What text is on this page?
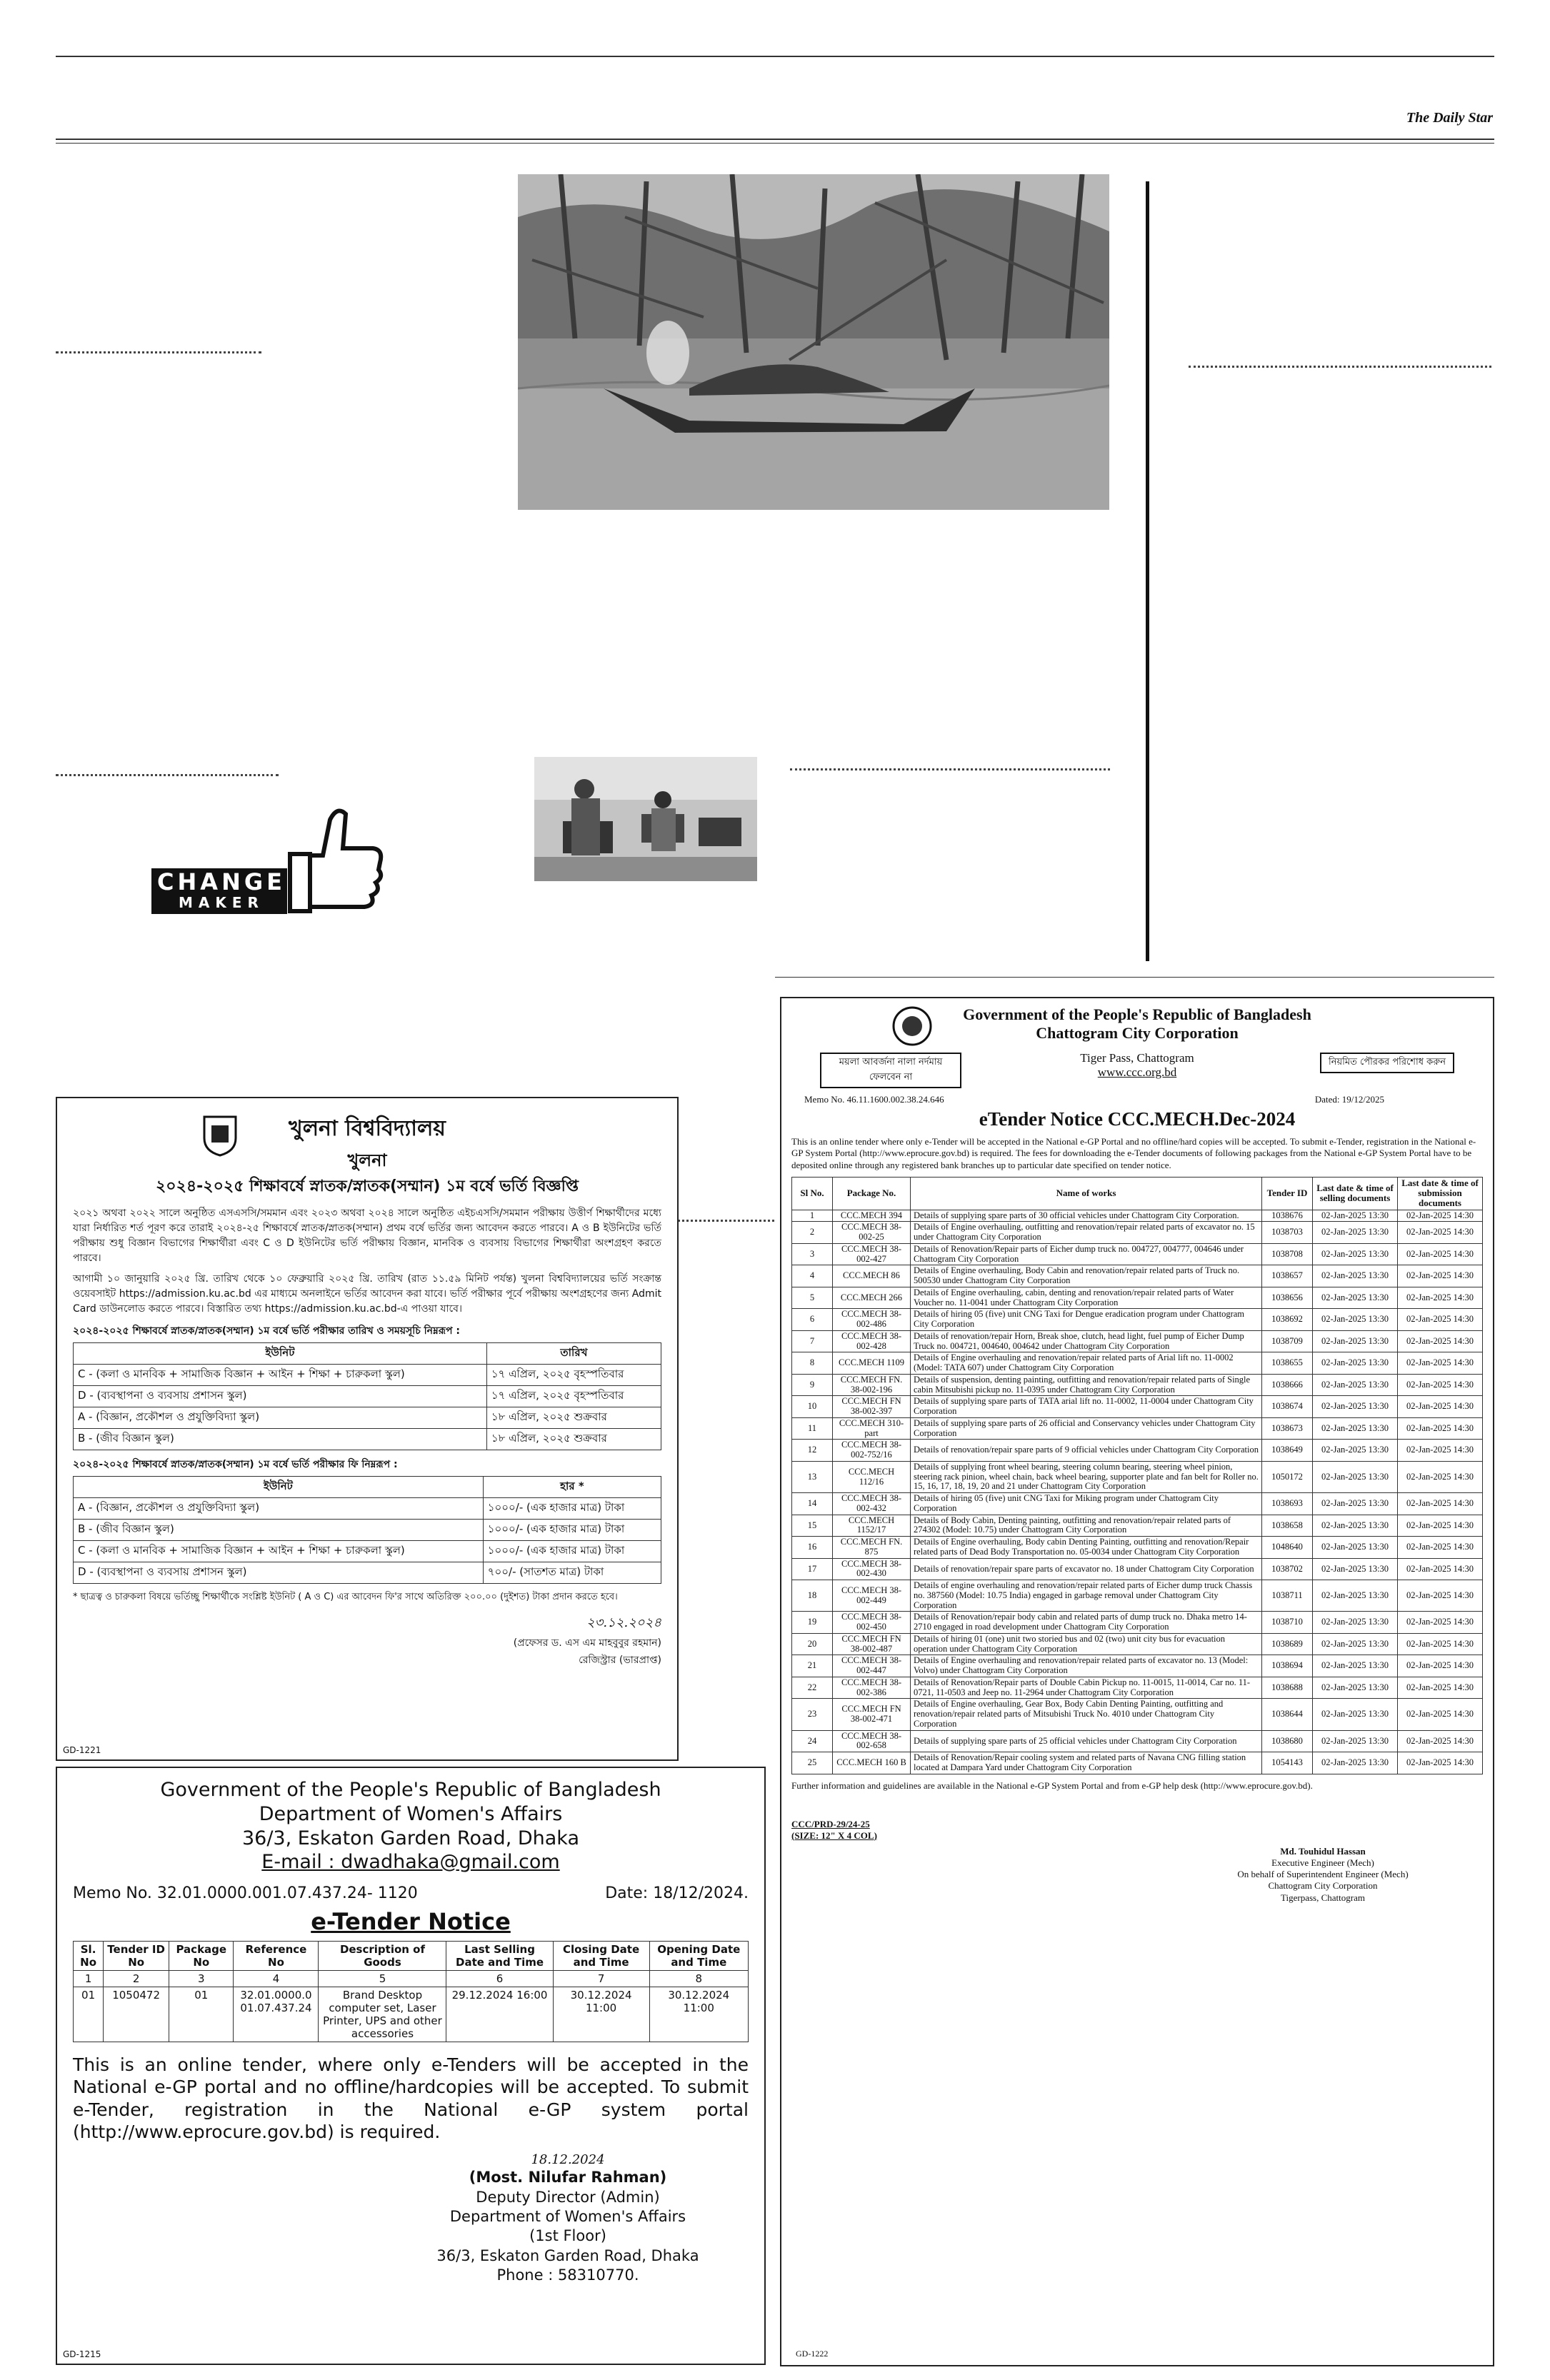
The Daily Star
CHANGE
MAKER
খুলনা বিশ্ববিদ্যালয়
খুলনা
২০২৪-২০২৫ শিক্ষাবর্ষে স্নাতক/স্নাতক(সম্মান) ১ম বর্ষে ভর্তি বিজ্ঞপ্তি
২০২১ অথবা ২০২২ সালে অনুষ্ঠিত এসএসসি/সমমান এবং ২০২৩ অথবা ২০২৪ সালে অনুষ্ঠিত এইচএসসি/সমমান পরীক্ষায় উত্তীর্ণ শিক্ষার্থীদের মধ্যে যারা নির্ধারিত শর্ত পূরণ করে তারাই ২০২৪-২৫ শিক্ষাবর্ষে স্নাতক/স্নাতক(সম্মান) প্রথম বর্ষে ভর্তির জন্য আবেদন করতে পারবে। A ও B ইউনিটের ভর্তি পরীক্ষায় শুধু বিজ্ঞান বিভাগের শিক্ষার্থীরা এবং C ও D ইউনিটের ভর্তি পরীক্ষায় বিজ্ঞান, মানবিক ও ব্যবসায় বিভাগের শিক্ষার্থীরা অংশগ্রহণ করতে পারবে।
আগামী ১০ জানুয়ারি ২০২৫ খ্রি. তারিখ থেকে ১০ ফেব্রুয়ারি ২০২৫ খ্রি. তারিখ (রাত ১১.৫৯ মিনিট পর্যন্ত) খুলনা বিশ্ববিদ্যালয়ের ভর্তি সংক্রান্ত ওয়েবসাইট https://admission.ku.ac.bd এর মাধ্যমে অনলাইনে ভর্তির আবেদন করা যাবে। ভর্তি পরীক্ষার পূর্বে পরীক্ষায় অংশগ্রহণের জন্য Admit Card ডাউনলোড করতে পারবে। বিস্তারিত তথ্য https://admission.ku.ac.bd-এ পাওয়া যাবে।
২০২৪-২০২৫ শিক্ষাবর্ষে স্নাতক/স্নাতক(সম্মান) ১ম বর্ষে ভর্তি পরীক্ষার তারিখ ও সময়সূচি নিম্নরূপ :
ইউনিট	তারিখ
C - (কলা ও মানবিক + সামাজিক বিজ্ঞান + আইন + শিক্ষা + চারুকলা স্কুল)	১৭ এপ্রিল, ২০২৫ বৃহস্পতিবার
D - (ব্যবস্থাপনা ও ব্যবসায় প্রশাসন স্কুল)	১৭ এপ্রিল, ২০২৫ বৃহস্পতিবার
A - (বিজ্ঞান, প্রকৌশল ও প্রযুক্তিবিদ্যা স্কুল)	১৮ এপ্রিল, ২০২৫ শুক্রবার
B - (জীব বিজ্ঞান স্কুল)	১৮ এপ্রিল, ২০২৫ শুক্রবার
২০২৪-২০২৫ শিক্ষাবর্ষে স্নাতক/স্নাতক(সম্মান) ১ম বর্ষে ভর্তি পরীক্ষার ফি নিম্নরূপ :
ইউনিট	হার *
A - (বিজ্ঞান, প্রকৌশল ও প্রযুক্তিবিদ্যা স্কুল)	১০০০/- (এক হাজার মাত্র) টাকা
B - (জীব বিজ্ঞান স্কুল)	১০০০/- (এক হাজার মাত্র) টাকা
C - (কলা ও মানবিক + সামাজিক বিজ্ঞান + আইন + শিক্ষা + চারুকলা স্কুল)	১০০০/- (এক হাজার মাত্র) টাকা
D - (ব্যবস্থাপনা ও ব্যবসায় প্রশাসন স্কুল)	৭০০/- (সাতশত মাত্র) টাকা
* ছাত্রত্ব ও চারুকলা বিষয়ে ভর্তিচ্ছু শিক্ষার্থীকে সংশ্লিষ্ট ইউনিট ( A ও C) এর আবেদন ফি'র সাথে অতিরিক্ত ২০০.০০ (দুইশত) টাকা প্রদান করতে হবে।
২৩.১২.২০২৪
(প্রফেসর ড. এস এম মাহবুবুর রহমান)
রেজিস্ট্রার (ভারপ্রাপ্ত)
GD-1221
Government of the People's Republic of Bangladesh
Department of Women's Affairs
36/3, Eskaton Garden Road, Dhaka
E-mail : dwadhaka@gmail.com
Memo No. 32.01.0000.001.07.437.24- 1120	Date: 18/12/2024.
e-Tender Notice
Sl. No	Tender ID No	Package No	Reference No	Description of Goods	Last Selling Date and Time	Closing Date and Time	Opening Date and Time
1	2	3	4	5	6	7	8
01	1050472	01	32.01.0000.0 01.07.437.24	Brand Desktop computer set, Laser Printer, UPS and other accessories	29.12.2024 16:00	30.12.2024 11:00	30.12.2024 11:00
This is an online tender, where only e-Tenders will be accepted in the National e-GP portal and no offline/hardcopies will be accepted. To submit e-Tender, registration in the National e-GP system portal (http://www.eprocure.gov.bd) is required.
18.12.2024
(Most. Nilufar Rahman)
Deputy Director (Admin)
Department of Women's Affairs
(1st Floor)
36/3, Eskaton Garden Road, Dhaka
Phone : 58310770.
GD-1215
Government of the People's Republic of Bangladesh
Chattogram City Corporation
ময়লা আবর্জনা নালা নর্দমায় ফেলবেন না
নিয়মিত পৌরকর পরিশোধ করুন
Tiger Pass, Chattogram
www.ccc.org.bd
Memo No. 46.11.1600.002.38.24.646	Dated: 19/12/2025
eTender Notice CCC.MECH.Dec-2024
This is an online tender where only e-Tender will be accepted in the National e-GP Portal and no offline/hard copies will be accepted. To submit e-Tender, registration in the National e-GP System Portal (http://www.eprocure.gov.bd) is required. The fees for downloading the e-Tender documents of following packages from the National e-GP System Portal have to be deposited online through any registered bank branches up to particular date specified on tender notice.
Sl No.	Package No.	Name of works	Tender ID	Last date & time of selling documents	Last date & time of submission documents
1	CCC.MECH 394	Details of supplying spare parts of 30 official vehicles under Chattogram City Corporation.	1038676	02-Jan-2025 13:30	02-Jan-2025 14:30
2	CCC.MECH 38-002-25	Details of Engine overhauling, outfitting and renovation/repair related parts of excavator no. 15 under Chattogram City Corporation	1038703	02-Jan-2025 13:30	02-Jan-2025 14:30
3	CCC.MECH 38-002-427	Details of Renovation/Repair parts of Eicher dump truck no. 004727, 004777, 004646 under Chattogram City Corporation	1038708	02-Jan-2025 13:30	02-Jan-2025 14:30
4	CCC.MECH 86	Details of Engine overhauling, Body Cabin and renovation/repair related parts of Truck no. 500530 under Chattogram City Corporation	1038657	02-Jan-2025 13:30	02-Jan-2025 14:30
5	CCC.MECH 266	Details of Engine overhauling, cabin, denting and renovation/repair related parts of Water Voucher no. 11-0041 under Chattogram City Corporation	1038656	02-Jan-2025 13:30	02-Jan-2025 14:30
6	CCC.MECH 38-002-486	Details of hiring 05 (five) unit CNG Taxi for Dengue eradication program under Chattogram City Corporation	1038692	02-Jan-2025 13:30	02-Jan-2025 14:30
7	CCC.MECH 38-002-428	Details of renovation/repair Horn, Break shoe, clutch, head light, fuel pump of Eicher Dump Truck no. 004721, 004640, 004642 under Chattogram City Corporation	1038709	02-Jan-2025 13:30	02-Jan-2025 14:30
8	CCC.MECH 1109	Details of Engine overhauling and renovation/repair related parts of Arial lift no. 11-0002 (Model: TATA 607) under Chattogram City Corporation	1038655	02-Jan-2025 13:30	02-Jan-2025 14:30
9	CCC.MECH FN. 38-002-196	Details of suspension, denting painting, outfitting and renovation/repair related parts of Single cabin Mitsubishi pickup no. 11-0395 under Chattogram City Corporation	1038666	02-Jan-2025 13:30	02-Jan-2025 14:30
10	CCC.MECH FN 38-002-397	Details of supplying spare parts of TATA arial lift no. 11-0002, 11-0004 under Chattogram City Corporation	1038674	02-Jan-2025 13:30	02-Jan-2025 14:30
11	CCC.MECH 310-part	Details of supplying spare parts of 26 official and Conservancy vehicles under Chattogram City Corporation	1038673	02-Jan-2025 13:30	02-Jan-2025 14:30
12	CCC.MECH 38-002-752/16	Details of renovation/repair spare parts of 9 official vehicles under Chattogram City Corporation	1038649	02-Jan-2025 13:30	02-Jan-2025 14:30
13	CCC.MECH 112/16	Details of supplying front wheel bearing, steering column bearing, steering wheel pinion, steering rack pinion, wheel chain, back wheel bearing, supporter plate and fan belt for Roller no. 15, 16, 17, 18, 19, 20 and 21 under Chattogram City Corporation	1050172	02-Jan-2025 13:30	02-Jan-2025 14:30
14	CCC.MECH 38-002-432	Details of hiring 05 (five) unit CNG Taxi for Miking program under Chattogram City Corporation	1038693	02-Jan-2025 13:30	02-Jan-2025 14:30
15	CCC.MECH 1152/17	Details of Body Cabin, Denting painting, outfitting and renovation/repair related parts of 274302 (Model: 10.75) under Chattogram City Corporation	1038658	02-Jan-2025 13:30	02-Jan-2025 14:30
16	CCC.MECH FN. 875	Details of Engine overhauling, Body cabin Denting Painting, outfitting and renovation/Repair related parts of Dead Body Transportation no. 05-0034 under Chattogram City Corporation	1048640	02-Jan-2025 13:30	02-Jan-2025 14:30
17	CCC.MECH 38-002-430	Details of renovation/repair spare parts of excavator no. 18 under Chattogram City Corporation	1038702	02-Jan-2025 13:30	02-Jan-2025 14:30
18	CCC.MECH 38-002-449	Details of engine overhauling and renovation/repair related parts of Eicher dump truck Chassis no. 387560 (Model: 10.75 India) engaged in garbage removal under Chattogram City Corporation	1038711	02-Jan-2025 13:30	02-Jan-2025 14:30
19	CCC.MECH 38-002-450	Details of Renovation/repair body cabin and related parts of dump truck no. Dhaka metro 14-2710 engaged in road development under Chattogram City Corporation	1038710	02-Jan-2025 13:30	02-Jan-2025 14:30
20	CCC.MECH FN 38-002-487	Details of hiring 01 (one) unit two storied bus and 02 (two) unit city bus for evacuation operation under Chattogram City Corporation	1038689	02-Jan-2025 13:30	02-Jan-2025 14:30
21	CCC.MECH 38-002-447	Details of Engine overhauling and renovation/repair related parts of excavator no. 13 (Model: Volvo) under Chattogram City Corporation	1038694	02-Jan-2025 13:30	02-Jan-2025 14:30
22	CCC.MECH 38-002-386	Details of Renovation/Repair parts of Double Cabin Pickup no. 11-0015, 11-0014, Car no. 11-0721, 11-0503 and Jeep no. 11-2964 under Chattogram City Corporation	1038688	02-Jan-2025 13:30	02-Jan-2025 14:30
23	CCC.MECH FN 38-002-471	Details of Engine overhauling, Gear Box, Body Cabin Denting Painting, outfitting and renovation/repair related parts of Mitsubishi Truck No. 4010 under Chattogram City Corporation	1038644	02-Jan-2025 13:30	02-Jan-2025 14:30
24	CCC.MECH 38-002-658	Details of supplying spare parts of 25 official vehicles under Chattogram City Corporation	1038680	02-Jan-2025 13:30	02-Jan-2025 14:30
25	CCC.MECH 160 B	Details of Renovation/Repair cooling system and related parts of Navana CNG filling station located at Dampara Yard under Chattogram City Corporation	1054143	02-Jan-2025 13:30	02-Jan-2025 14:30
Further information and guidelines are available in the National e-GP System Portal and from e-GP help desk (http://www.eprocure.gov.bd).
CCC/PRD-29/24-25
(SIZE: 12" X 4 COL)
Md. Touhidul Hassan
Executive Engineer (Mech)
On behalf of Superintendent Engineer (Mech)
Chattogram City Corporation
Tigerpass, Chattogram
GD-1222
